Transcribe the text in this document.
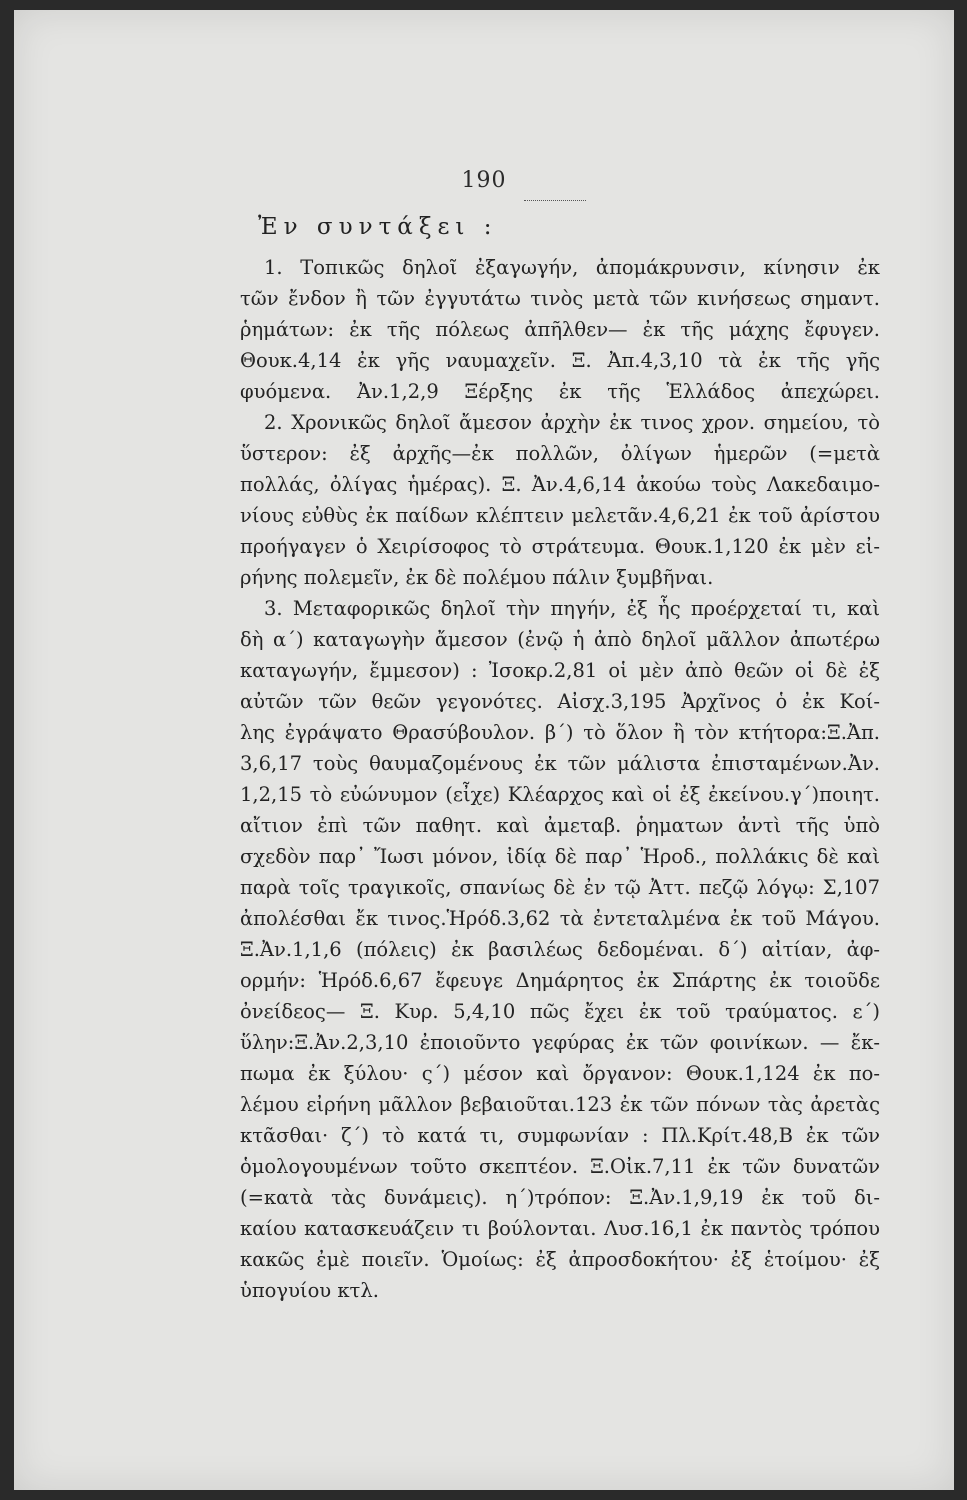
190
Ἐν συντάξει :
1. Τοπικῶς δηλοῖ ἐξαγωγήν, ἀπομάκρυνσιν, κίνησιν ἐκ
τῶν ἔνδον ἢ τῶν ἐγγυτάτω τινὸς μετὰ τῶν κινήσεως σημαντ.
ῥημάτων: ἐκ τῆς πόλεως ἀπῆλθεν— ἐκ τῆς μάχης ἔφυγεν.
Θουκ.4,14 ἐκ γῆς ναυμαχεῖν. Ξ. Ἀπ.4,3,10 τὰ ἐκ τῆς γῆς
φυόμενα. Ἀν.1,2,9 Ξέρξης ἐκ τῆς Ἑλλάδος ἀπεχώρει.
2. Χρονικῶς δηλοῖ ἄμεσον ἀρχὴν ἐκ τινος χρον. σημείου, τὸ
ὕστερον: ἐξ ἀρχῆς—ἐκ πολλῶν, ὀλίγων ἡμερῶν (=μετὰ
πολλάς, ὀλίγας ἡμέρας). Ξ. Ἀν.4,6,14 ἀκούω τοὺς Λακεδαιμο-
νίους εὐθὺς ἐκ παίδων κλέπτειν μελετᾶν.4,6,21 ἐκ τοῦ ἀρίστου
προήγαγεν ὁ Χειρίσοφος τὸ στράτευμα. Θουκ.1,120 ἐκ μὲν εἰ-
ρήνης πολεμεῖν, ἐκ δὲ πολέμου πάλιν ξυμβῆναι.
3. Μεταφορικῶς δηλοῖ τὴν πηγήν, ἐξ ἧς προέρχεταί τι, καὶ
δὴ α΄) καταγωγὴν ἄμεσον (ἐνῷ ἡ ἀπὸ δηλοῖ μᾶλλον ἀπωτέρω
καταγωγήν, ἔμμεσον) : Ἰσοκρ.2,81 οἱ μὲν ἀπὸ θεῶν οἱ δὲ ἐξ
αὐτῶν τῶν θεῶν γεγονότες. Αἰσχ.3,195 Ἀρχῖνος ὁ ἐκ Κοί-
λης ἐγράψατο Θρασύβουλον. β΄) τὸ ὅλον ἢ τὸν κτήτορα:Ξ.Ἀπ.
3,6,17 τοὺς θαυμαζομένους ἐκ τῶν μάλιστα ἐπισταμένων.Ἀν.
1,2,15 τὸ εὐώνυμον (εἶχε) Κλέαρχος καὶ οἱ ἐξ ἐκείνου.γ΄)ποιητ.
αἴτιον ἐπὶ τῶν παθητ. καὶ ἀμεταβ. ῥηματων ἀντὶ τῆς ὑπὸ
σχεδὸν παρ᾽ Ἴωσι μόνον, ἰδίᾳ δὲ παρ᾽ Ἡροδ., πολλάκις δὲ καὶ
παρὰ τοῖς τραγικοῖς, σπανίως δὲ ἐν τῷ Ἀττ. πεζῷ λόγῳ: Σ,107
ἀπολέσθαι ἔκ τινος.Ἡρόδ.3,62 τὰ ἐντεταλμένα ἐκ τοῦ Μάγου.
Ξ.Ἀν.1,1,6 (πόλεις) ἐκ βασιλέως δεδομέναι. δ΄) αἰτίαν, ἀφ-
ορμήν: Ἡρόδ.6,67 ἔφευγε Δημάρητος ἐκ Σπάρτης ἐκ τοιοῦδε
ὀνείδεος— Ξ. Κυρ. 5,4,10 πῶς ἔχει ἐκ τοῦ τραύματος. ε΄)
ὕλην:Ξ.Ἀν.2,3,10 ἐποιοῦντο γεφύρας ἐκ τῶν φοινίκων. — ἔκ-
πωμα ἐκ ξύλου· ς΄) μέσον καὶ ὄργανον: Θουκ.1,124 ἐκ πο-
λέμου εἰρήνη μᾶλλον βεβαιοῦται.123 ἐκ τῶν πόνων τὰς ἀρετὰς
κτᾶσθαι· ζ΄) τὸ κατά τι, συμφωνίαν : Πλ.Κρίτ.48,Β ἐκ τῶν
ὁμολογουμένων τοῦτο σκεπτέον. Ξ.Οἰκ.7,11 ἐκ τῶν δυνατῶν
(=κατὰ τὰς δυνάμεις). η΄)τρόπον: Ξ.Ἀν.1,9,19 ἐκ τοῦ δι-
καίου κατασκευάζειν τι βούλονται. Λυσ.16,1 ἐκ παντὸς τρόπου
κακῶς ἐμὲ ποιεῖν. Ὁμοίως: ἐξ ἀπροσδοκήτου· ἐξ ἑτοίμου· ἐξ
ὑπογυίου κτλ.
